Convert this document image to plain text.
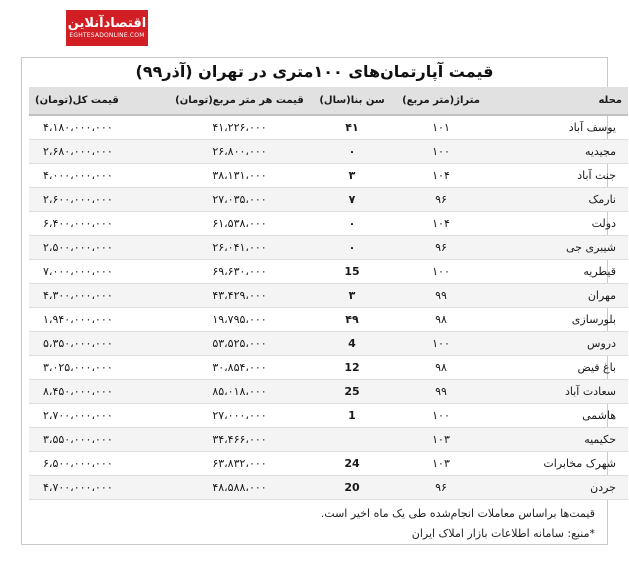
اقتصادآنلاین
EGHTESADONLINE.COM
قیمت آپارتمان‌های ۱۰۰متری در تهران (آذر۹۹)
محله	متراژ(متر مربع)	سن بنا(سال)	قیمت هر متر مربع(تومان)	قیمت کل(تومان)
یوسف آباد	۱۰۱	۴۱	۴۱،۲۲۶،۰۰۰	۴،۱۸۰،۰۰۰،۰۰۰
مجیدیه	۱۰۰	۰	۲۶،۸۰۰،۰۰۰	۲،۶۸۰،۰۰۰،۰۰۰
جنت آباد	۱۰۴	۳	۳۸،۱۳۱،۰۰۰	۴،۰۰۰،۰۰۰،۰۰۰
نارمک	۹۶	۷	۲۷،۰۳۵،۰۰۰	۲،۶۰۰،۰۰۰،۰۰۰
دولت	۱۰۴	۰	۶۱،۵۳۸،۰۰۰	۶،۴۰۰،۰۰۰،۰۰۰
شیبری جی	۹۶	۰	۲۶،۰۴۱،۰۰۰	۲،۵۰۰،۰۰۰،۰۰۰
قیطریه	۱۰۰	15	۶۹،۶۳۰،۰۰۰	۷،۰۰۰،۰۰۰،۰۰۰
مهران	۹۹	۳	۴۳،۴۲۹،۰۰۰	۴،۳۰۰،۰۰۰،۰۰۰
بلورسازی	۹۸	۴۹	۱۹،۷۹۵،۰۰۰	۱،۹۴۰،۰۰۰،۰۰۰
دروس	۱۰۰	4	۵۳،۵۲۵،۰۰۰	۵،۳۵۰،۰۰۰،۰۰۰
باغ فیض	۹۸	12	۳۰،۸۵۴،۰۰۰	۳،۰۲۵،۰۰۰،۰۰۰
سعادت آباد	۹۹	25	۸۵،۰۱۸،۰۰۰	۸،۴۵۰،۰۰۰،۰۰۰
هاشمی	۱۰۰	1	۲۷،۰۰۰،۰۰۰	۲،۷۰۰،۰۰۰،۰۰۰
حکیمیه	۱۰۳		۳۴،۴۶۶،۰۰۰	۳،۵۵۰،۰۰۰،۰۰۰
شهرک مخابرات	۱۰۳	24	۶۳،۸۳۲،۰۰۰	۶،۵۰۰،۰۰۰،۰۰۰
جردن	۹۶	20	۴۸،۵۸۸،۰۰۰	۴،۷۰۰،۰۰۰،۰۰۰
قیمت‌ها براساس معاملات انجام‌شده طی یک ماه اخیر است.
*منبع: سامانه اطلاعات بازار املاک ایران
